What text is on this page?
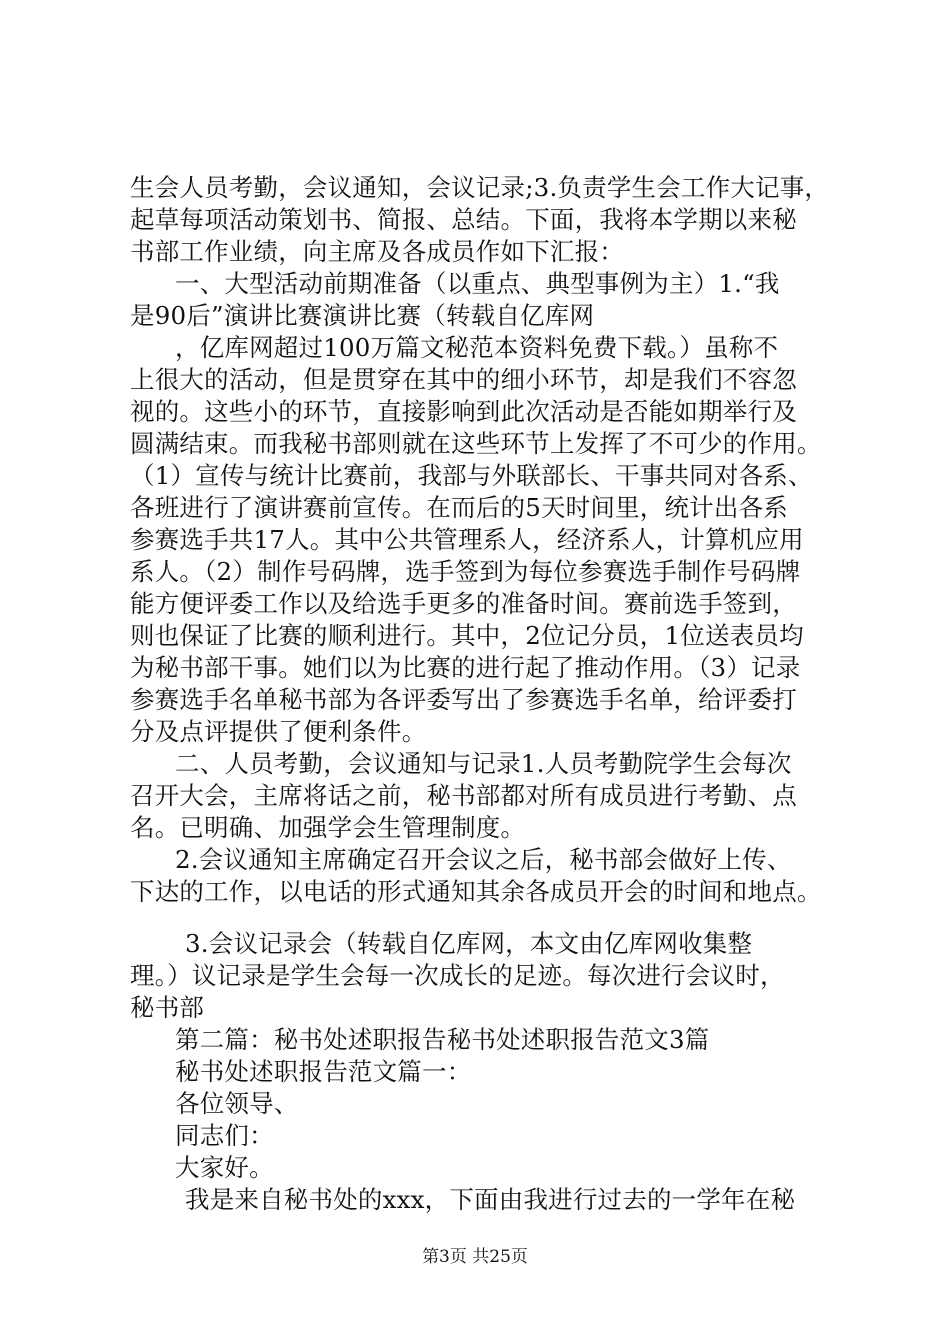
生会人员考勤，会议通知，会议记录;3.负责学生会工作大记事，
起草每项活动策划书、简报、总结。下面，我将本学期以来秘
书部工作业绩，向主席及各成员作如下汇报：
一、大型活动前期准备（以重点、典型事例为主）1.“我
是90后”演讲比赛演讲比赛（转载自亿库网
，亿库网超过100万篇文秘范本资料免费下载。）虽称不
上很大的活动，但是贯穿在其中的细小环节，却是我们不容忽
视的。这些小的环节，直接影响到此次活动是否能如期举行及
圆满结束。而我秘书部则就在这些环节上发挥了不可少的作用。
（1）宣传与统计比赛前，我部与外联部长、干事共同对各系、
各班进行了演讲赛前宣传。在而后的5天时间里，统计出各系
参赛选手共17人。其中公共管理系人，经济系人，计算机应用
系人。（2）制作号码牌，选手签到为每位参赛选手制作号码牌
能方便评委工作以及给选手更多的准备时间。赛前选手签到，
则也保证了比赛的顺利进行。其中，2位记分员，1位送表员均
为秘书部干事。她们以为比赛的进行起了推动作用。（3）记录
参赛选手名单秘书部为各评委写出了参赛选手名单，给评委打
分及点评提供了便利条件。
二、人员考勤，会议通知与记录1.人员考勤院学生会每次
召开大会，主席将话之前，秘书部都对所有成员进行考勤、点
名。已明确、加强学会生管理制度。
2.会议通知主席确定召开会议之后，秘书部会做好上传、
下达的工作，以电话的形式通知其余各成员开会的时间和地点。
3.会议记录会（转载自亿库网，本文由亿库网收集整
理。）议记录是学生会每一次成长的足迹。每次进行会议时，
秘书部
第二篇：秘书处述职报告秘书处述职报告范文3篇
秘书处述职报告范文篇一：
各位领导、
同志们：
大家好。
我是来自秘书处的xxx，下面由我进行过去的一学年在秘
第3页 共25页
